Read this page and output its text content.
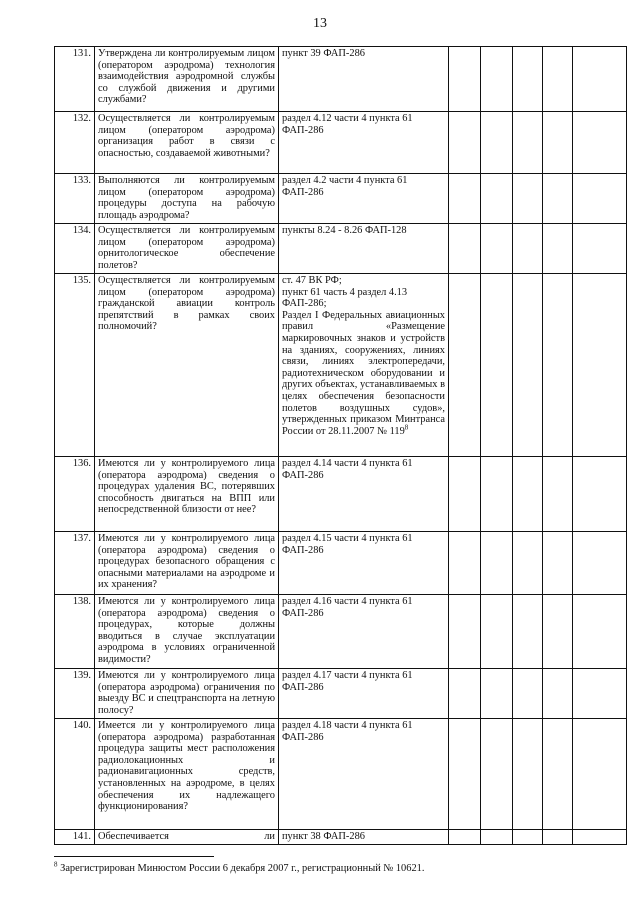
13
131.	Утверждена ли контролируемым лицом (оператором аэродрома) технология взаимодействия аэродромной службы со службой движения и другими службами?	пункт 39 ФАП-286					
132.	Осуществляется ли контролируемым лицом (оператором аэродрома) организация работ в связи с опасностью, создаваемой животными?	раздел 4.12 части 4 пункта 61 ФАП-286					
133.	Выполняются ли контролируемым лицом (оператором аэродрома) процедуры доступа на рабочую площадь аэродрома?	раздел 4.2 части 4 пункта 61 ФАП-286					
134.	Осуществляется ли контролируемым лицом (оператором аэродрома) орнитологическое обеспечение полетов?	пункты 8.24 - 8.26 ФАП-128					
135.	Осуществляется ли контролируемым лицом (оператором аэродрома) гражданской авиации контроль препятствий в рамках своих полномочий?	ст. 47 ВК РФ;
пункт 61 часть 4 раздел 4.13 ФАП-286;
Раздел I Федеральных авиационных правил «Размещение маркировочных знаков и устройств на зданиях, сооружениях, линиях связи, линиях электропередачи, радиотехническом оборудовании и других объектах, устанавливаемых в целях обеспечения безопасности полетов воздушных судов», утвержденных приказом Минтранса России от 28.11.2007 № $119^8$

136.	Имеются ли у контролируемого лица (оператора аэродрома) сведения о процедурах удаления ВС, потерявших способность двигаться на ВПП или непосредственной близости от нее?	раздел 4.14 части 4 пункта 61 ФАП-286					
137.	Имеются ли у контролируемого лица (оператора аэродрома) сведения о процедурах безопасного обращения с опасными материалами на аэродроме и их хранения?	раздел 4.15 части 4 пункта 61 ФАП-286					
138.	Имеются ли у контролируемого лица (оператора аэродрома) сведения о процедурах, которые должны вводиться в случае эксплуатации аэродрома в условиях ограниченной видимости?	раздел 4.16 части 4 пункта 61 ФАП-286					
139.	Имеются ли у контролируемого лица (оператора аэродрома) ограничения по выезду ВС и спецтранспорта на летную полосу?	раздел 4.17 части 4 пункта 61 ФАП-286					
140.	Имеется ли у контролируемого лица (оператора аэродрома) разработанная процедура защиты мест расположения радиолокационных и радионавигационных средств, установленных на аэродроме, в целях обеспечения их надлежащего функционирования?	раздел 4.18 части 4 пункта 61 ФАП-286					
141.	Обеспечивается ли	пункт 38 ФАП-286					
$^8$ Зарегистрирован Минюстом России 6 декабря 2007 г., регистрационный № 10621.
